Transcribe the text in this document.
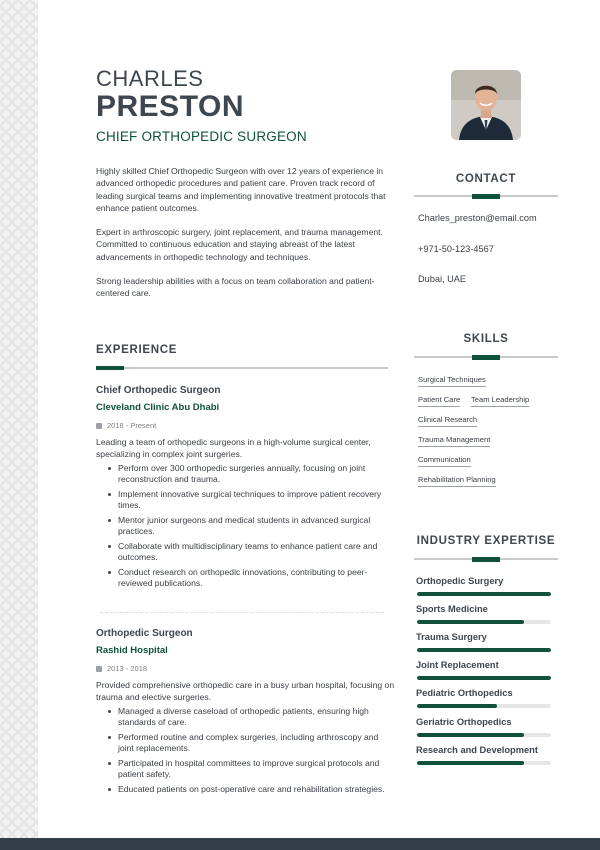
CHARLES
PRESTON
CHIEF ORTHOPEDIC SURGEON

Highly skilled Chief Orthopedic Surgeon with over 12 years of experience in advanced orthopedic procedures and patient care. Proven track record of leading surgical teams and implementing innovative treatment protocols that enhance patient outcomes.

Expert in arthroscopic surgery, joint replacement, and trauma management. Committed to continuous education and staying abreast of the latest advancements in orthopedic technology and techniques.

Strong leadership abilities with a focus on team collaboration and patient-centered care.

EXPERIENCE
Chief Orthopedic Surgeon
Cleveland Clinic Abu Dhabi
2018 - Present
Leading a team of orthopedic surgeons in a high-volume surgical center, specializing in complex joint surgeries.
Perform over 300 orthopedic surgeries annually, focusing on joint reconstruction and trauma.
Implement innovative surgical techniques to improve patient recovery times.
Mentor junior surgeons and medical students in advanced surgical practices.
Collaborate with multidisciplinary teams to enhance patient care and outcomes.
Conduct research on orthopedic innovations, contributing to peer-reviewed publications.
Orthopedic Surgeon
Rashid Hospital
2013 - 2018
Provided comprehensive orthopedic care in a busy urban hospital, focusing on trauma and elective surgeries.
Managed a diverse caseload of orthopedic patients, ensuring high standards of care.
Performed routine and complex surgeries, including arthroscopy and joint replacements.
Participated in hospital committees to improve surgical protocols and patient safety.
Educated patients on post-operative care and rehabilitation strategies.
CONTACT
Charles_preston@email.com
+971-50-123-4567
Dubai, UAE
SKILLS
Surgical Techniques
Patient Care Team Leadership
Clinical Research
Trauma Management
Communication
Rehabilitation Planning
INDUSTRY EXPERTISE
Orthopedic Surgery
Sports Medicine
Trauma Surgery
Joint Replacement
Pediatric Orthopedics
Geriatric Orthopedics
Research and Development
